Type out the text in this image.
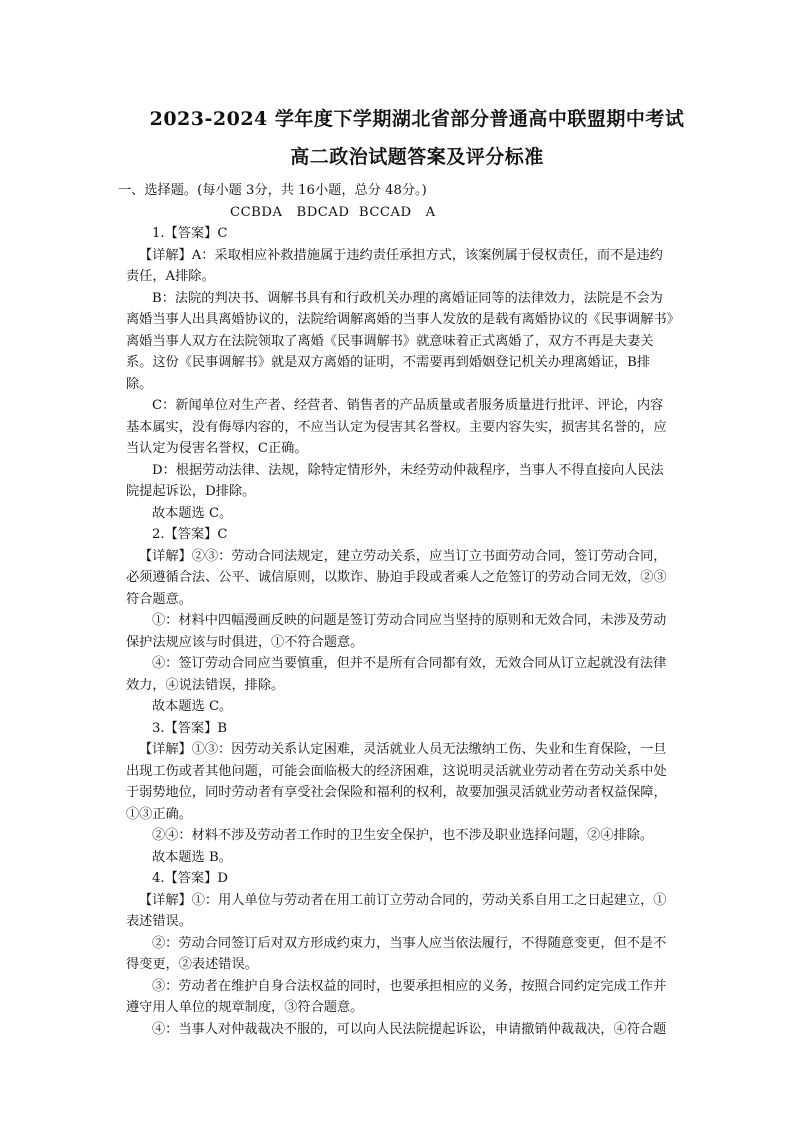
2023-2024 学年度下学期湖北省部分普通高中联盟期中考试
高二政治试题答案及评分标准

一、选择题。(每小题 3分，共 16小题，总分 48分。)

CCBDA   BDCAD  BCCAD   A

1.【答案】C

【详解】A：采取相应补救措施属于违约责任承担方式，该案例属于侵权责任，而不是违约责任，A排除。

B：法院的判决书、调解书具有和行政机关办理的离婚证同等的法律效力，法院是不会为离婚当事人出具离婚协议的，法院给调解离婚的当事人发放的是载有离婚协议的《民事调解书》离婚当事人双方在法院领取了离婚《民事调解书》就意味着正式离婚了，双方不再是夫妻关系。这份《民事调解书》就是双方离婚的证明，不需要再到婚姻登记机关办理离婚证，B排除。

C：新闻单位对生产者、经营者、销售者的产品质量或者服务质量进行批评、评论，内容基本属实，没有侮辱内容的，不应当认定为侵害其名誉权。主要内容失实，损害其名誉的，应当认定为侵害名誉权，C正确。

D：根据劳动法律、法规，除特定情形外，未经劳动仲裁程序，当事人不得直接向人民法院提起诉讼，D排除。

故本题选 C。

2.【答案】C

【详解】②③：劳动合同法规定，建立劳动关系，应当订立书面劳动合同，签订劳动合同，必须遵循合法、公平、诚信原则，以欺诈、胁迫手段或者乘人之危签订的劳动合同无效，②③符合题意。

①：材料中四幅漫画反映的问题是签订劳动合同应当坚持的原则和无效合同，未涉及劳动保护法规应该与时俱进，①不符合题意。

④：签订劳动合同应当要慎重，但并不是所有合同都有效，无效合同从订立起就没有法律效力，④说法错误，排除。

故本题选 C。

3.【答案】B

【详解】①③：因劳动关系认定困难，灵活就业人员无法缴纳工伤、失业和生育保险，一旦出现工伤或者其他问题，可能会面临极大的经济困难，这说明灵活就业劳动者在劳动关系中处于弱势地位，同时劳动者有享受社会保险和福利的权利，故要加强灵活就业劳动者权益保障，①③正确。

②④：材料不涉及劳动者工作时的卫生安全保护，也不涉及职业选择问题，②④排除。

故本题选 B。

4.【答案】D

【详解】①：用人单位与劳动者在用工前订立劳动合同的，劳动关系自用工之日起建立，①表述错误。

②：劳动合同签订后对双方形成约束力，当事人应当依法履行，不得随意变更，但不是不得变更，②表述错误。

③：劳动者在维护自身合法权益的同时，也要承担相应的义务，按照合同约定完成工作并遵守用人单位的规章制度，③符合题意。

④：当事人对仲裁裁决不服的，可以向人民法院提起诉讼，申请撤销仲裁裁决，④符合题
